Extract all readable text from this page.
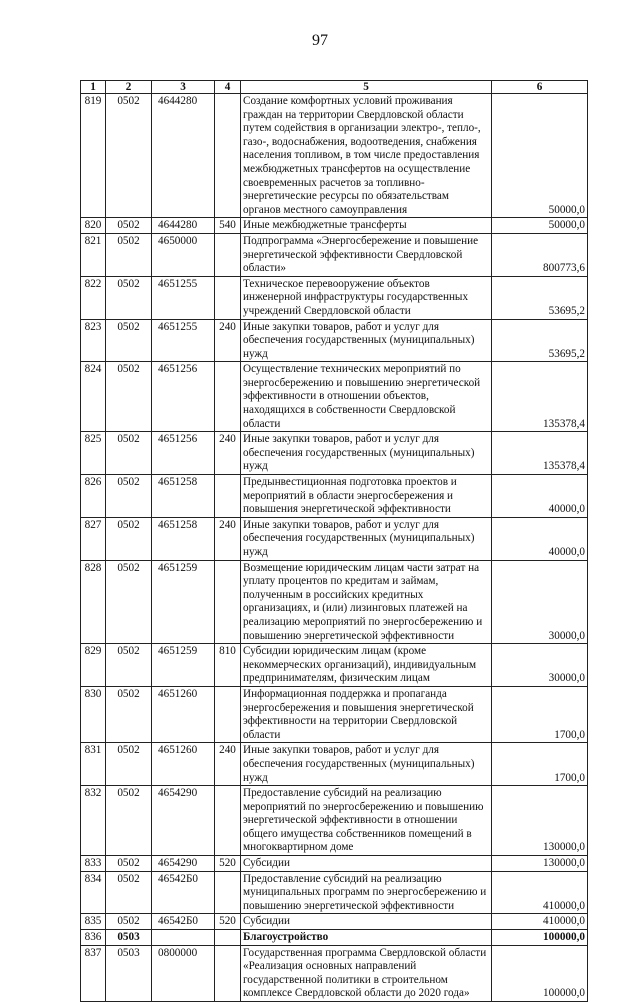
97
1	2	3	4	5	6
819	0502	4644280		Создание комфортных условий проживания граждан на территории Свердловской области путем содействия в организации электро-, тепло-, газо-, водоснабжения, водоотведения, снабжения населения топливом, в том числе предоставления межбюджетных трансфертов на осуществление своевременных расчетов за топливно-энергетические ресурсы по обязательствам органов местного самоуправления	50000,0
820	0502	4644280	540	Иные межбюджетные трансферты	50000,0
821	0502	4650000		Подпрограмма «Энергосбережение и повышение энергетической эффективности Свердловской области»	800773,6
822	0502	4651255		Техническое перевооружение объектов инженерной инфраструктуры государственных учреждений Свердловской области	53695,2
823	0502	4651255	240	Иные закупки товаров, работ и услуг для обеспечения государственных (муниципальных) нужд	53695,2
824	0502	4651256		Осуществление технических мероприятий по энергосбережению и повышению энергетической эффективности в отношении объектов, находящихся в собственности Свердловской области	135378,4
825	0502	4651256	240	Иные закупки товаров, работ и услуг для обеспечения государственных (муниципальных) нужд	135378,4
826	0502	4651258		Предынвестиционная подготовка проектов и мероприятий в области энергосбережения и повышения энергетической эффективности	40000,0
827	0502	4651258	240	Иные закупки товаров, работ и услуг для обеспечения государственных (муниципальных) нужд	40000,0
828	0502	4651259		Возмещение юридическим лицам части затрат на уплату процентов по кредитам и займам, полученным в российских кредитных организациях, и (или) лизинговых платежей на реализацию мероприятий по энергосбережению и повышению энергетической эффективности	30000,0
829	0502	4651259	810	Субсидии юридическим лицам (кроме некоммерческих организаций), индивидуальным предпринимателям, физическим лицам	30000,0
830	0502	4651260		Информационная поддержка и пропаганда энергосбережения и повышения энергетической эффективности на территории Свердловской области	1700,0
831	0502	4651260	240	Иные закупки товаров, работ и услуг для обеспечения государственных (муниципальных) нужд	1700,0
832	0502	4654290		Предоставление субсидий на реализацию мероприятий по энергосбережению и повышению энергетической эффективности в отношении общего имущества собственников помещений в многоквартирном доме	130000,0
833	0502	4654290	520	Субсидии	130000,0
834	0502	46542Б0		Предоставление субсидий на реализацию муниципальных программ по энергосбережению и повышению энергетической эффективности	410000,0
835	0502	46542Б0	520	Субсидии	410000,0
836	0503			Благоустройство	100000,0
837	0503	0800000		Государственная программа Свердловской области «Реализация основных направлений государственной политики в строительном комплексе Свердловской области до 2020 года»	100000,0
